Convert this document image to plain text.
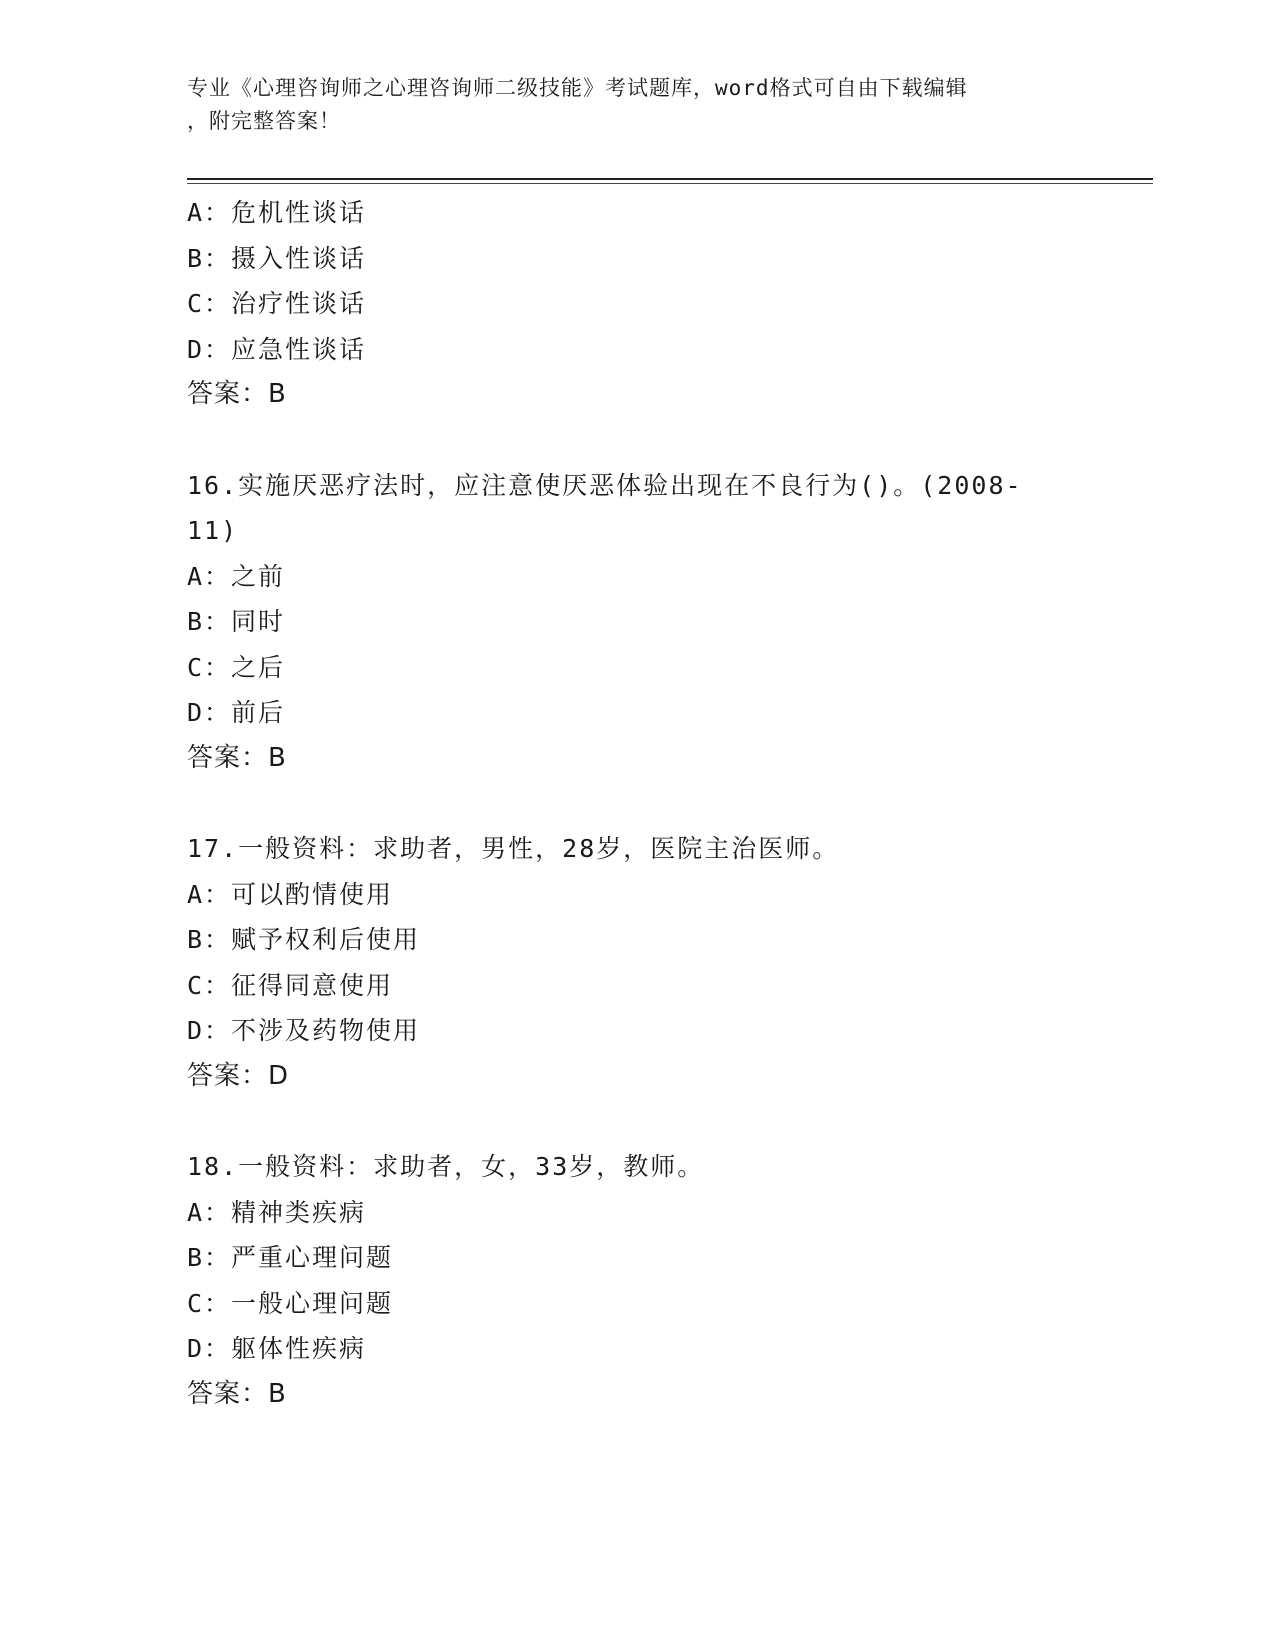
专业《心理咨询师之心理咨询师二级技能》考试题库，word格式可自由下载编辑
，附完整答案！
A：危机性谈话
B：摄入性谈话
C：治疗性谈话
D：应急性谈话
答案：B
16.实施厌恶疗法时，应注意使厌恶体验出现在不良行为()。(2008-
11)
A：之前
B：同时
C：之后
D：前后
答案：B
17.一般资料：求助者，男性，28岁，医院主治医师。
A：可以酌情使用
B：赋予权利后使用
C：征得同意使用
D：不涉及药物使用
答案：D
18.一般资料：求助者，女，33岁，教师。
A：精神类疾病
B：严重心理问题
C：一般心理问题
D：躯体性疾病
答案：B
